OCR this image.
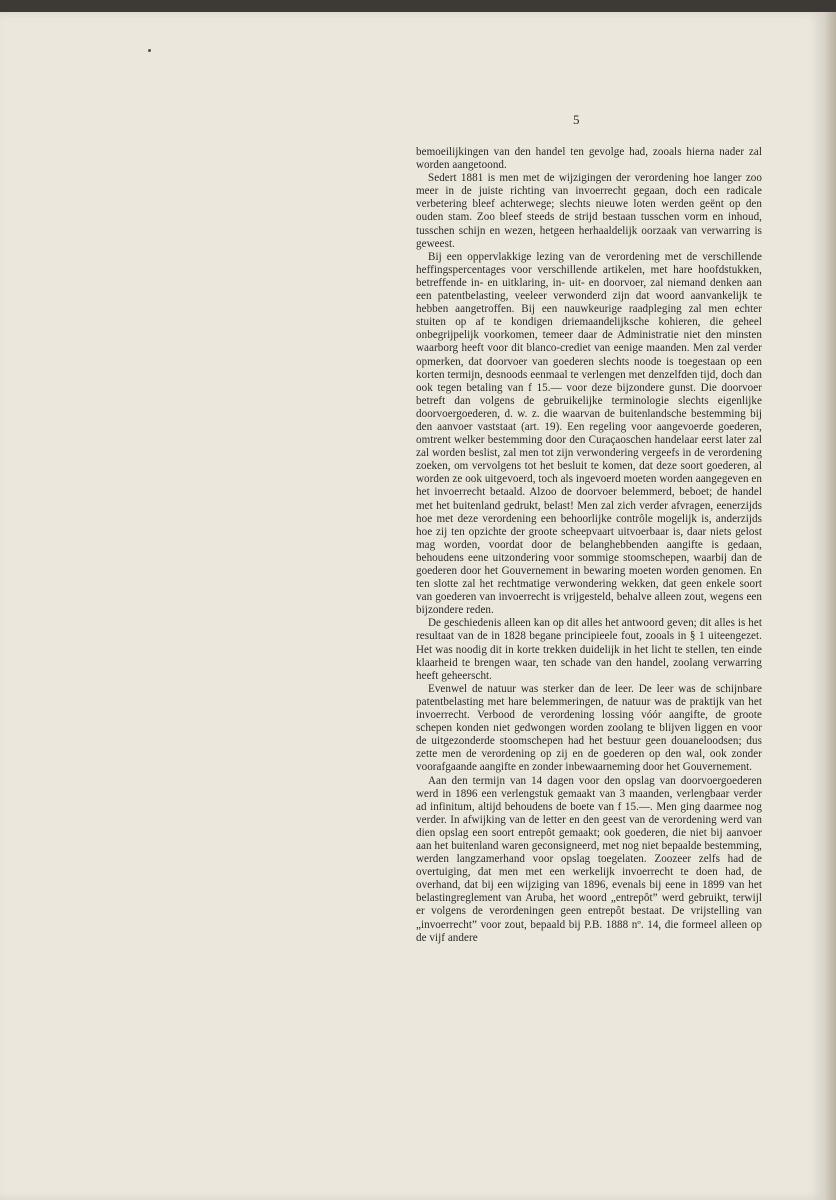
5

bemoeilijkingen van den handel ten gevolge had, zooals hierna nader zal worden aangetoond.

Sedert 1881 is men met de wijzigingen der verordening hoe langer zoo meer in de juiste richting van invoerrecht gegaan, doch een radicale verbetering bleef achterwege; slechts nieuwe loten werden geënt op den ouden stam. Zoo bleef steeds de strijd bestaan tusschen vorm en inhoud, tusschen schijn en wezen, hetgeen herhaaldelijk oorzaak van verwarring is geweest.

Bij een oppervlakkige lezing van de verordening met de verschillende heffingspercentages voor verschillende artikelen, met hare hoofdstukken, betreffende in- en uitklaring, in- uit- en doorvoer, zal niemand denken aan een patentbelasting, veeleer verwonderd zijn dat woord aanvankelijk te hebben aangetroffen. Bij een nauwkeurige raadpleging zal men echter stuiten op af te kondigen driemaandelijksche kohieren, die geheel onbegrijpelijk voorkomen, temeer daar de Administratie niet den minsten waarborg heeft voor dit blanco-crediet van eenige maanden. Men zal verder opmerken, dat doorvoer van goederen slechts noode is toegestaan op een korten termijn, desnoods eenmaal te verlengen met denzelfden tijd, doch dan ook tegen betaling van f 15.— voor deze bijzondere gunst. Die doorvoer betreft dan volgens de gebruikelijke terminologie slechts eigenlijke doorvoergoederen, d. w. z. die waarvan de buitenlandsche bestemming bij den aanvoer vaststaat (art. 19). Een regeling voor aangevoerde goederen, omtrent welker bestemming door den Curaçaoschen handelaar eerst later zal zal worden beslist, zal men tot zijn verwondering vergeefs in de verordening zoeken, om vervolgens tot het besluit te komen, dat deze soort goederen, al worden ze ook uitgevoerd, toch als ingevoerd moeten worden aangegeven en het invoerrecht betaald. Alzoo de doorvoer belemmerd, beboet; de handel met het buitenland gedrukt, belast! Men zal zich verder afvragen, eenerzijds hoe met deze verordening een behoorlijke contrôle mogelijk is, anderzijds hoe zij ten opzichte der groote scheepvaart uitvoerbaar is, daar niets gelost mag worden, voordat door de belanghebbenden aangifte is gedaan, behoudens eene uitzondering voor sommige stoomschepen, waarbij dan de goederen door het Gouvernement in bewaring moeten worden genomen. En ten slotte zal het rechtmatige verwondering wekken, dat geen enkele soort van goederen van invoerrecht is vrijgesteld, behalve alleen zout, wegens een bijzondere reden.

De geschiedenis alleen kan op dit alles het antwoord geven; dit alles is het resultaat van de in 1828 begane principieele fout, zooals in § 1 uiteengezet. Het was noodig dit in korte trekken duidelijk in het licht te stellen, ten einde klaarheid te brengen waar, ten schade van den handel, zoolang verwarring heeft geheerscht.

Evenwel de natuur was sterker dan de leer. De leer was de schijnbare patentbelasting met hare belemmeringen, de natuur was de praktijk van het invoerrecht. Verbood de verordening lossing vóór aangifte, de groote schepen konden niet gedwongen worden zoolang te blijven liggen en voor de uitgezonderde stoomschepen had het bestuur geen douaneloodsen; dus zette men de verordening op zij en de goederen op den wal, ook zonder voorafgaande aangifte en zonder inbewaarneming door het Gouvernement.

Aan den termijn van 14 dagen voor den opslag van doorvoergoederen werd in 1896 een verlengstuk gemaakt van 3 maanden, verlengbaar verder ad infinitum, altijd behoudens de boete van f 15.—. Men ging daarmee nog verder. In afwijking van de letter en den geest van de verordening werd van dien opslag een soort entrepôt gemaakt; ook goederen, die niet bij aanvoer aan het buitenland waren geconsigneerd, met nog niet bepaalde bestemming, werden langzamerhand voor opslag toegelaten. Zoozeer zelfs had de overtuiging, dat men met een werkelijk invoerrecht te doen had, de overhand, dat bij een wijziging van 1896, evenals bij eene in 1899 van het belastingreglement van Aruba, het woord „entrepôt” werd gebruikt, terwijl er volgens de verordeningen geen entrepôt bestaat. De vrijstelling van „invoerrecht” voor zout, bepaald bij P.B. 1888 nº. 14, die formeel alleen op de vijf andere
